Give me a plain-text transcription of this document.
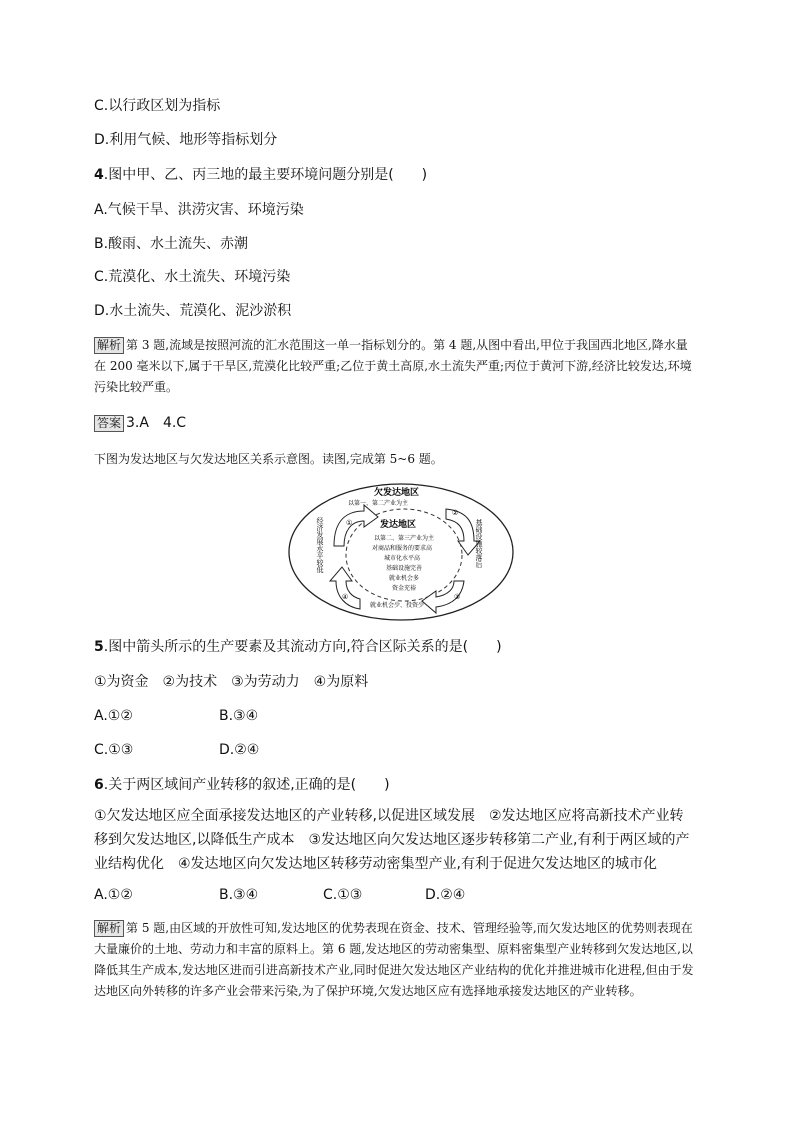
C.以行政区划为指标
D.利用气候、地形等指标划分
4.图中甲、乙、丙三地的最主要环境问题分别是(　　)
A.气候干旱、洪涝灾害、环境污染
B.酸雨、水土流失、赤潮
C.荒漠化、水土流失、环境污染
D.水土流失、荒漠化、泥沙淤积
解析 第 3 题,流域是按照河流的汇水范围这一单一指标划分的。第 4 题,从图中看出,甲位于我国西北地区,降水量在 200 毫米以下,属于干旱区,荒漠化比较严重;乙位于黄土高原,水土流失严重;丙位于黄河下游,经济比较发达,环境污染比较严重。
答案 3.A　4.C
下图为发达地区与欠发达地区关系示意图。读图,完成第 5~6 题。
欠发达地区
以第一、第二产业为主
发达地区
以第二、第三产业为主
对商品和服务的要求高
城市化水平高
基础设施完善
就业机会多
资金充裕
经济发展水平较低	基础设施较落后
就业机会少、投资少
①
②
③
④
5.图中箭头所示的生产要素及其流动方向,符合区际关系的是(　　)
①为资金　②为技术　③为劳动力　④为原料
A.①②	B.③④
C.①③	D.②④
6.关于两区域间产业转移的叙述,正确的是(　　)
①欠发达地区应全面承接发达地区的产业转移,以促进区域发展　②发达地区应将高新技术产业转移到欠发达地区,以降低生产成本　③发达地区向欠发达地区逐步转移第二产业,有利于两区域的产业结构优化　④发达地区向欠发达地区转移劳动密集型产业,有利于促进欠发达地区的城市化
A.①②	B.③④	C.①③	D.②④
解析 第 5 题,由区域的开放性可知,发达地区的优势表现在资金、技术、管理经验等,而欠发达地区的优势则表现在大量廉价的土地、劳动力和丰富的原料上。第 6 题,发达地区的劳动密集型、原料密集型产业转移到欠发达地区,以降低其生产成本,发达地区进而引进高新技术产业,同时促进欠发达地区产业结构的优化并推进城市化进程,但由于发达地区向外转移的许多产业会带来污染,为了保护环境,欠发达地区应有选择地承接发达地区的产业转移。
